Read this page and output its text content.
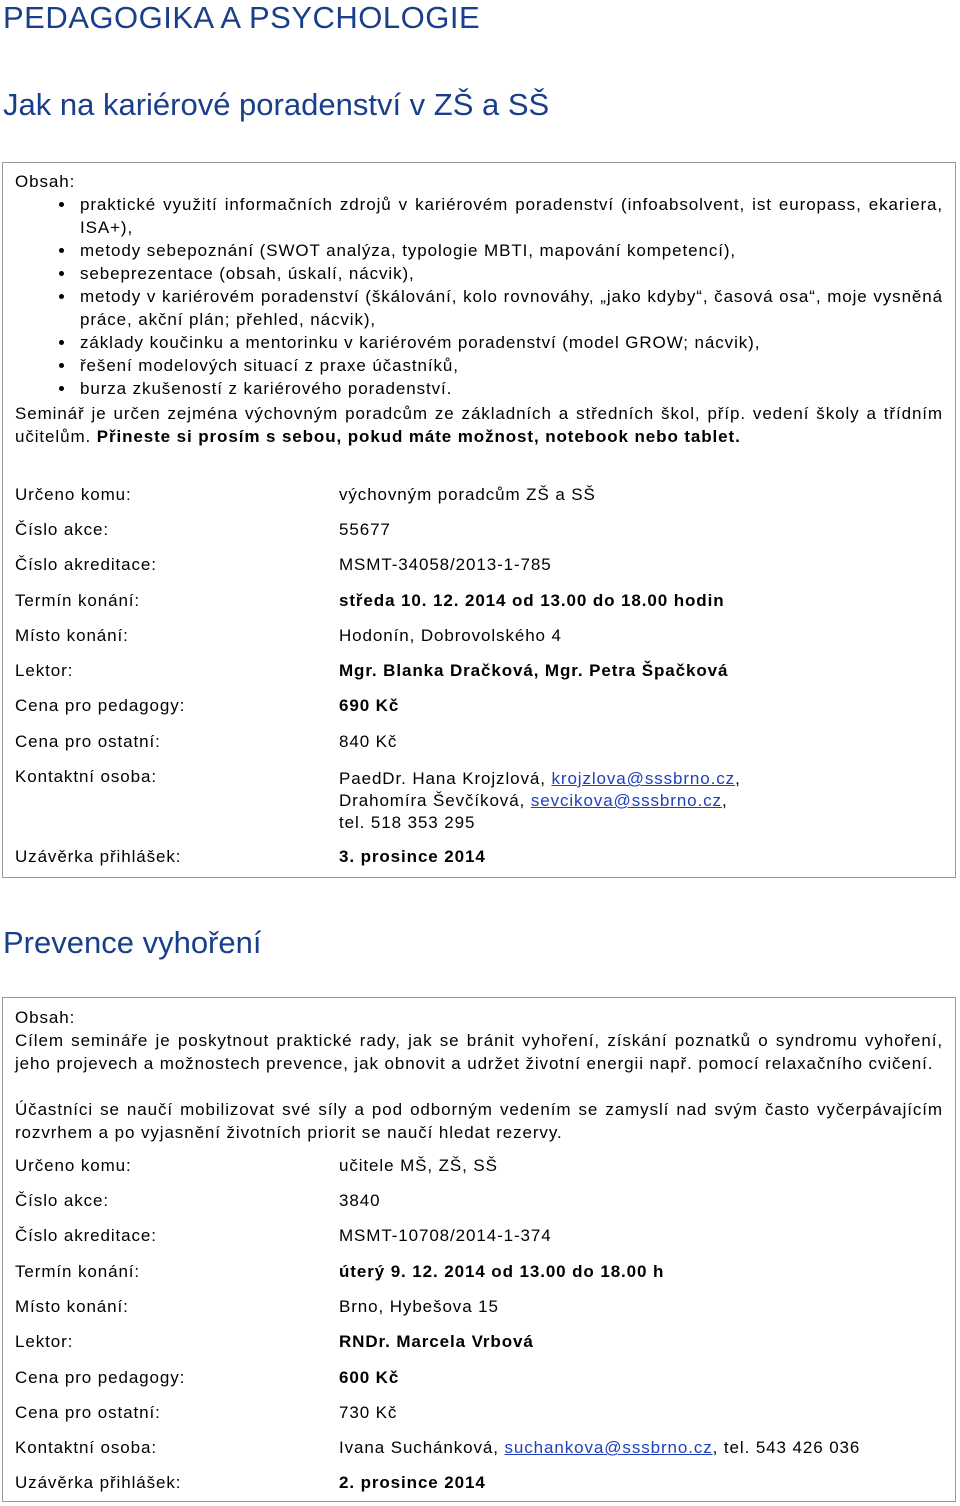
PEDAGOGIKA A PSYCHOLOGIE
Jak na kariérové poradenství v ZŠ a SŠ
Obsah:
praktické využití informačních zdrojů v kariérovém poradenství (infoabsolvent, ist europass, ekariera, ISA+),
metody sebepoznání (SWOT analýza, typologie MBTI, mapování kompetencí),
sebeprezentace (obsah, úskalí, nácvik),
metody v kariérovém poradenství (škálování, kolo rovnováhy, „jako kdyby“, časová osa“, moje vysněná práce, akční plán; přehled, nácvik),
základy koučinku a mentorinku v kariérovém poradenství (model GROW; nácvik),
řešení modelových situací z praxe účastníků,
burza zkušeností z kariérového poradenství.
Seminář je určen zejména výchovným poradcům ze základních a středních škol, příp. vedení školy a třídním učitelům. Přineste si prosím s sebou, pokud máte možnost, notebook nebo tablet.
Určeno komu:	výchovným poradcům ZŠ a SŠ
Číslo akce:	55677
Číslo akreditace:	MSMT-34058/2013-1-785
Termín konání:	středa 10. 12. 2014 od 13.00 do 18.00 hodin
Místo konání:	Hodonín, Dobrovolského 4
Lektor:	Mgr. Blanka Dračková, Mgr. Petra Špačková
Cena pro pedagogy:	690 Kč
Cena pro ostatní:	840 Kč
Kontaktní osoba:	PaedDr. Hana Krojzlová, krojzlova@sssbrno.cz,
Drahomíra Ševčíková, sevcikova@sssbrno.cz,
tel. 518 353 295
Uzávěrka přihlášek:	3. prosince 2014
Prevence vyhoření
Obsah:
Cílem semináře je poskytnout praktické rady, jak se bránit vyhoření, získání poznatků o syndromu vyhoření, jeho projevech a možnostech prevence, jak obnovit a udržet životní energii např. pomocí relaxačního cvičení.
Účastníci se naučí mobilizovat své síly a pod odborným vedením se zamyslí nad svým často vyčerpávajícím rozvrhem a po vyjasnění životních priorit se naučí hledat rezervy.
Určeno komu:	učitele MŠ, ZŠ, SŠ
Číslo akce:	3840
Číslo akreditace:	MSMT-10708/2014-1-374
Termín konání:	úterý 9. 12. 2014 od 13.00 do 18.00 h
Místo konání:	Brno, Hybešova 15
Lektor:	RNDr. Marcela Vrbová
Cena pro pedagogy:	600 Kč
Cena pro ostatní:	730 Kč
Kontaktní osoba:	Ivana Suchánková, suchankova@sssbrno.cz, tel. 543 426 036
Uzávěrka přihlášek:	2. prosince 2014
